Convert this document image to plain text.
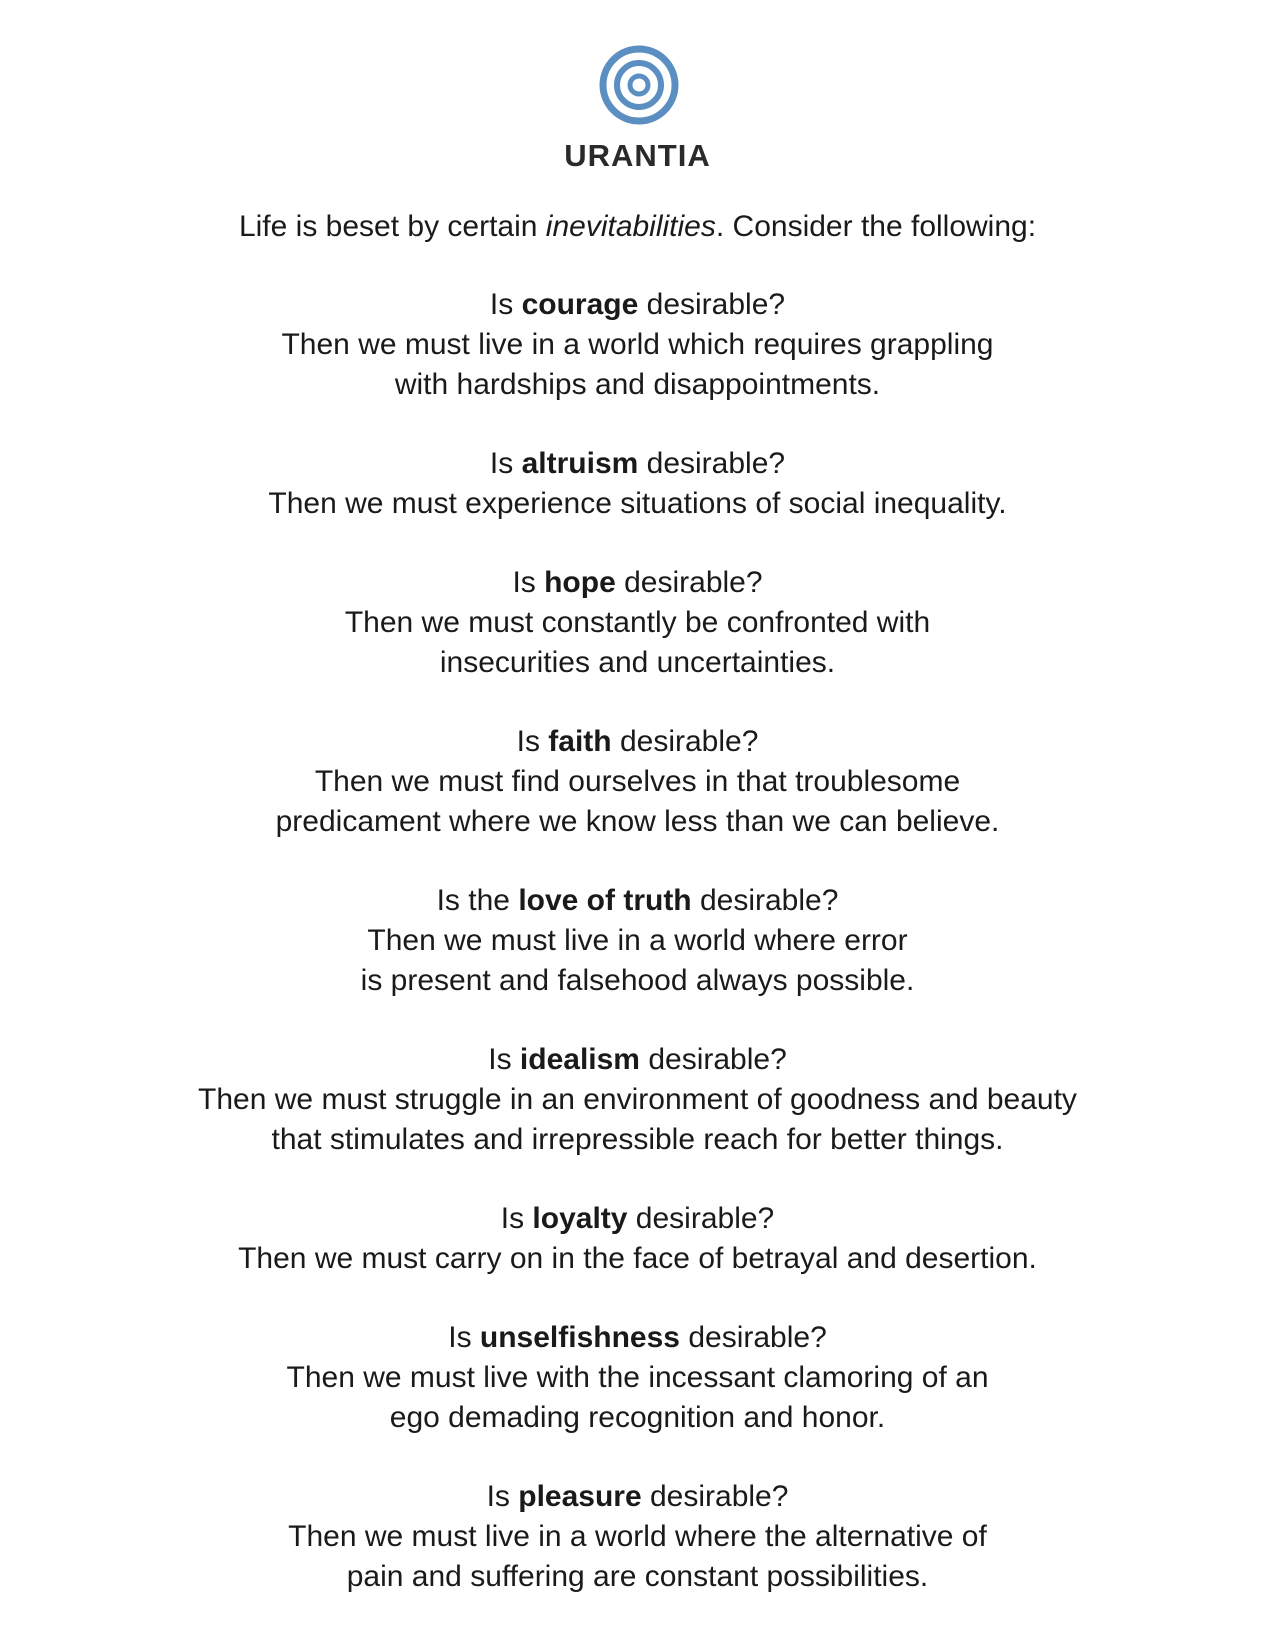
URANTIA
Life is beset by certain inevitabilities. Consider the following:
Is courage desirable?
Then we must live in a world which requires grappling
with hardships and disappointments.
Is altruism desirable?
Then we must experience situations of social inequality.
Is hope desirable?
Then we must constantly be confronted with
insecurities and uncertainties.
Is faith desirable?
Then we must find ourselves in that troublesome
predicament where we know less than we can believe.
Is the love of truth desirable?
Then we must live in a world where error
is present and falsehood always possible.
Is idealism desirable?
Then we must struggle in an environment of goodness and beauty
that stimulates and irrepressible reach for better things.
Is loyalty desirable?
Then we must carry on in the face of betrayal and desertion.
Is unselfishness desirable?
Then we must live with the incessant clamoring of an
ego demading recognition and honor.
Is pleasure desirable?
Then we must live in a world where the alternative of
pain and suffering are constant possibilities.
